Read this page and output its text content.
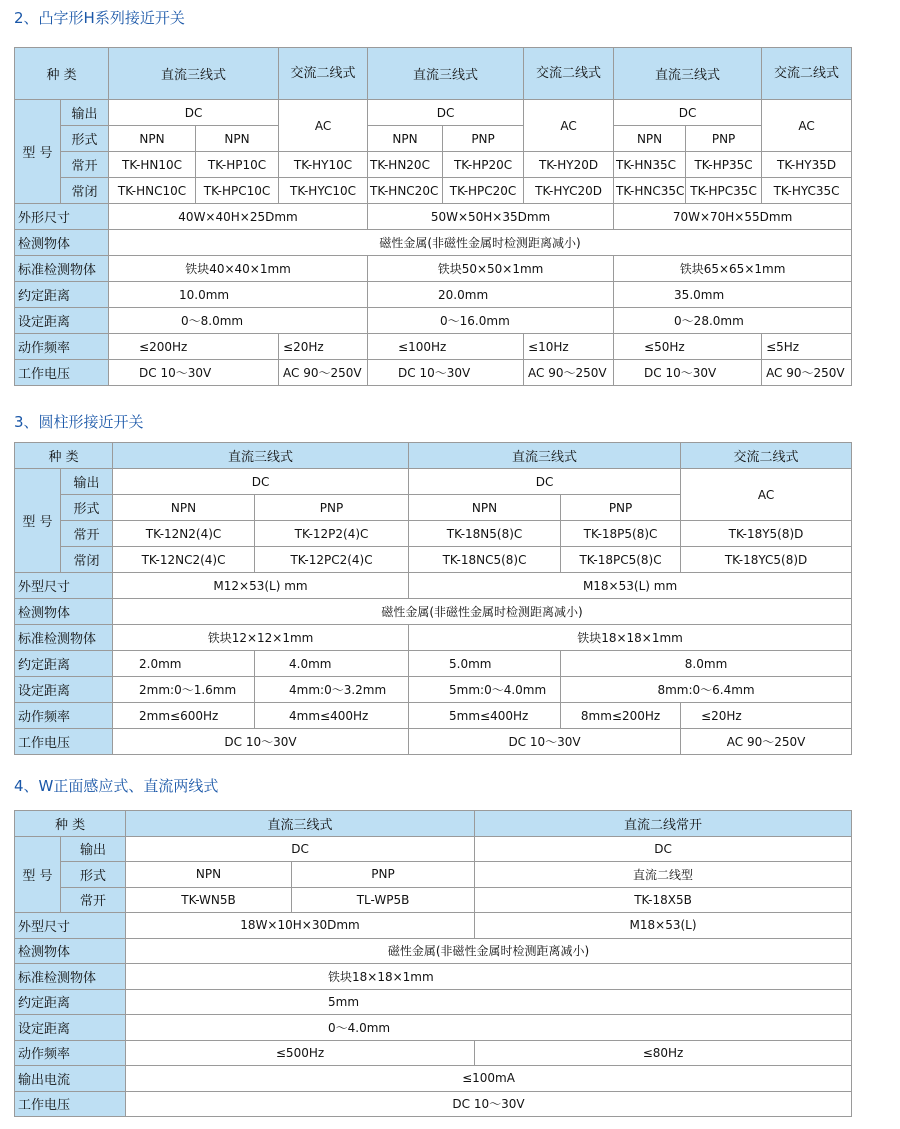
2、凸字形H系列接近开关
种 类		直流三线式		交流二线式	直流三线式		交流二线式	直流三线式		交流二线式
型 号	输出	DC		AC	DC		AC	DC		AC
	形式	NPN	NPN		NPN	PNP		NPN	PNP	
	常开	TK-HN10C	TK-HP10C	TK-HY10C	TK-HN20C	TK-HP20C	TK-HY20D	TK-HN35C	TK-HP35C	TK-HY35D
	常闭	TK-HNC10C	TK-HPC10C	TK-HYC10C	TK-HNC20C	TK-HPC20C	TK-HYC20D	TK-HNC35C	TK-HPC35C	TK-HYC35C
外形尺寸		40W×40H×25Dmm			50W×50H×35Dmm			70W×70H×55Dmm		
检测物体		磁性金属(非磁性金属时检测距离减小)								
标准检测物体		铁块40×40×1mm			铁块50×50×1mm			铁块65×65×1mm		
约定距离		10.0mm			20.0mm			35.0mm		
设定距离		0～8.0mm			0～16.0mm			0～28.0mm		
动作频率		≤200Hz		≤20Hz	≤100Hz		≤10Hz	≤50Hz		≤5Hz
工作电压		DC 10～30V		AC 90～250V	DC 10～30V		AC 90～250V	DC 10～30V		AC 90～250V
3、圆柱形接近开关
种 类		直流三线式		直流三线式		交流二线式
型 号	输出	DC		DC		AC
	形式	NPN	PNP	NPN	PNP	
	常开	TK-12N2(4)C	TK-12P2(4)C	TK-18N5(8)C	TK-18P5(8)C	TK-18Y5(8)D
	常闭	TK-12NC2(4)C	TK-12PC2(4)C	TK-18NC5(8)C	TK-18PC5(8)C	TK-18YC5(8)D
外型尺寸		M12×53(L) mm		M18×53(L) mm		
检测物体		磁性金属(非磁性金属时检测距离减小)				
标准检测物体		铁块12×12×1mm		铁块18×18×1mm		
约定距离		2.0mm	4.0mm	5.0mm	8.0mm	
设定距离		2mm:0～1.6mm	4mm:0～3.2mm	5mm:0～4.0mm	8mm:0～6.4mm	
动作频率		2mm≤600Hz	4mm≤400Hz	5mm≤400Hz	8mm≤200Hz	≤20Hz
工作电压		DC 10～30V		DC 10～30V		AC 90～250V
4、W正面感应式、直流两线式
种 类		直流三线式		直流二线常开
型 号	输出	DC		DC
	形式	NPN	PNP	直流二线型
	常开	TK-WN5B	TL-WP5B	TK-18X5B
外型尺寸		18W×10H×30Dmm		M18×53(L)
检测物体		磁性金属(非磁性金属时检测距离减小)		
标准检测物体		铁块18×18×1mm		
约定距离		5mm		
设定距离		0～4.0mm		
动作频率		≤500Hz		≤80Hz
输出电流		≤100mA		
工作电压		DC 10～30V		
